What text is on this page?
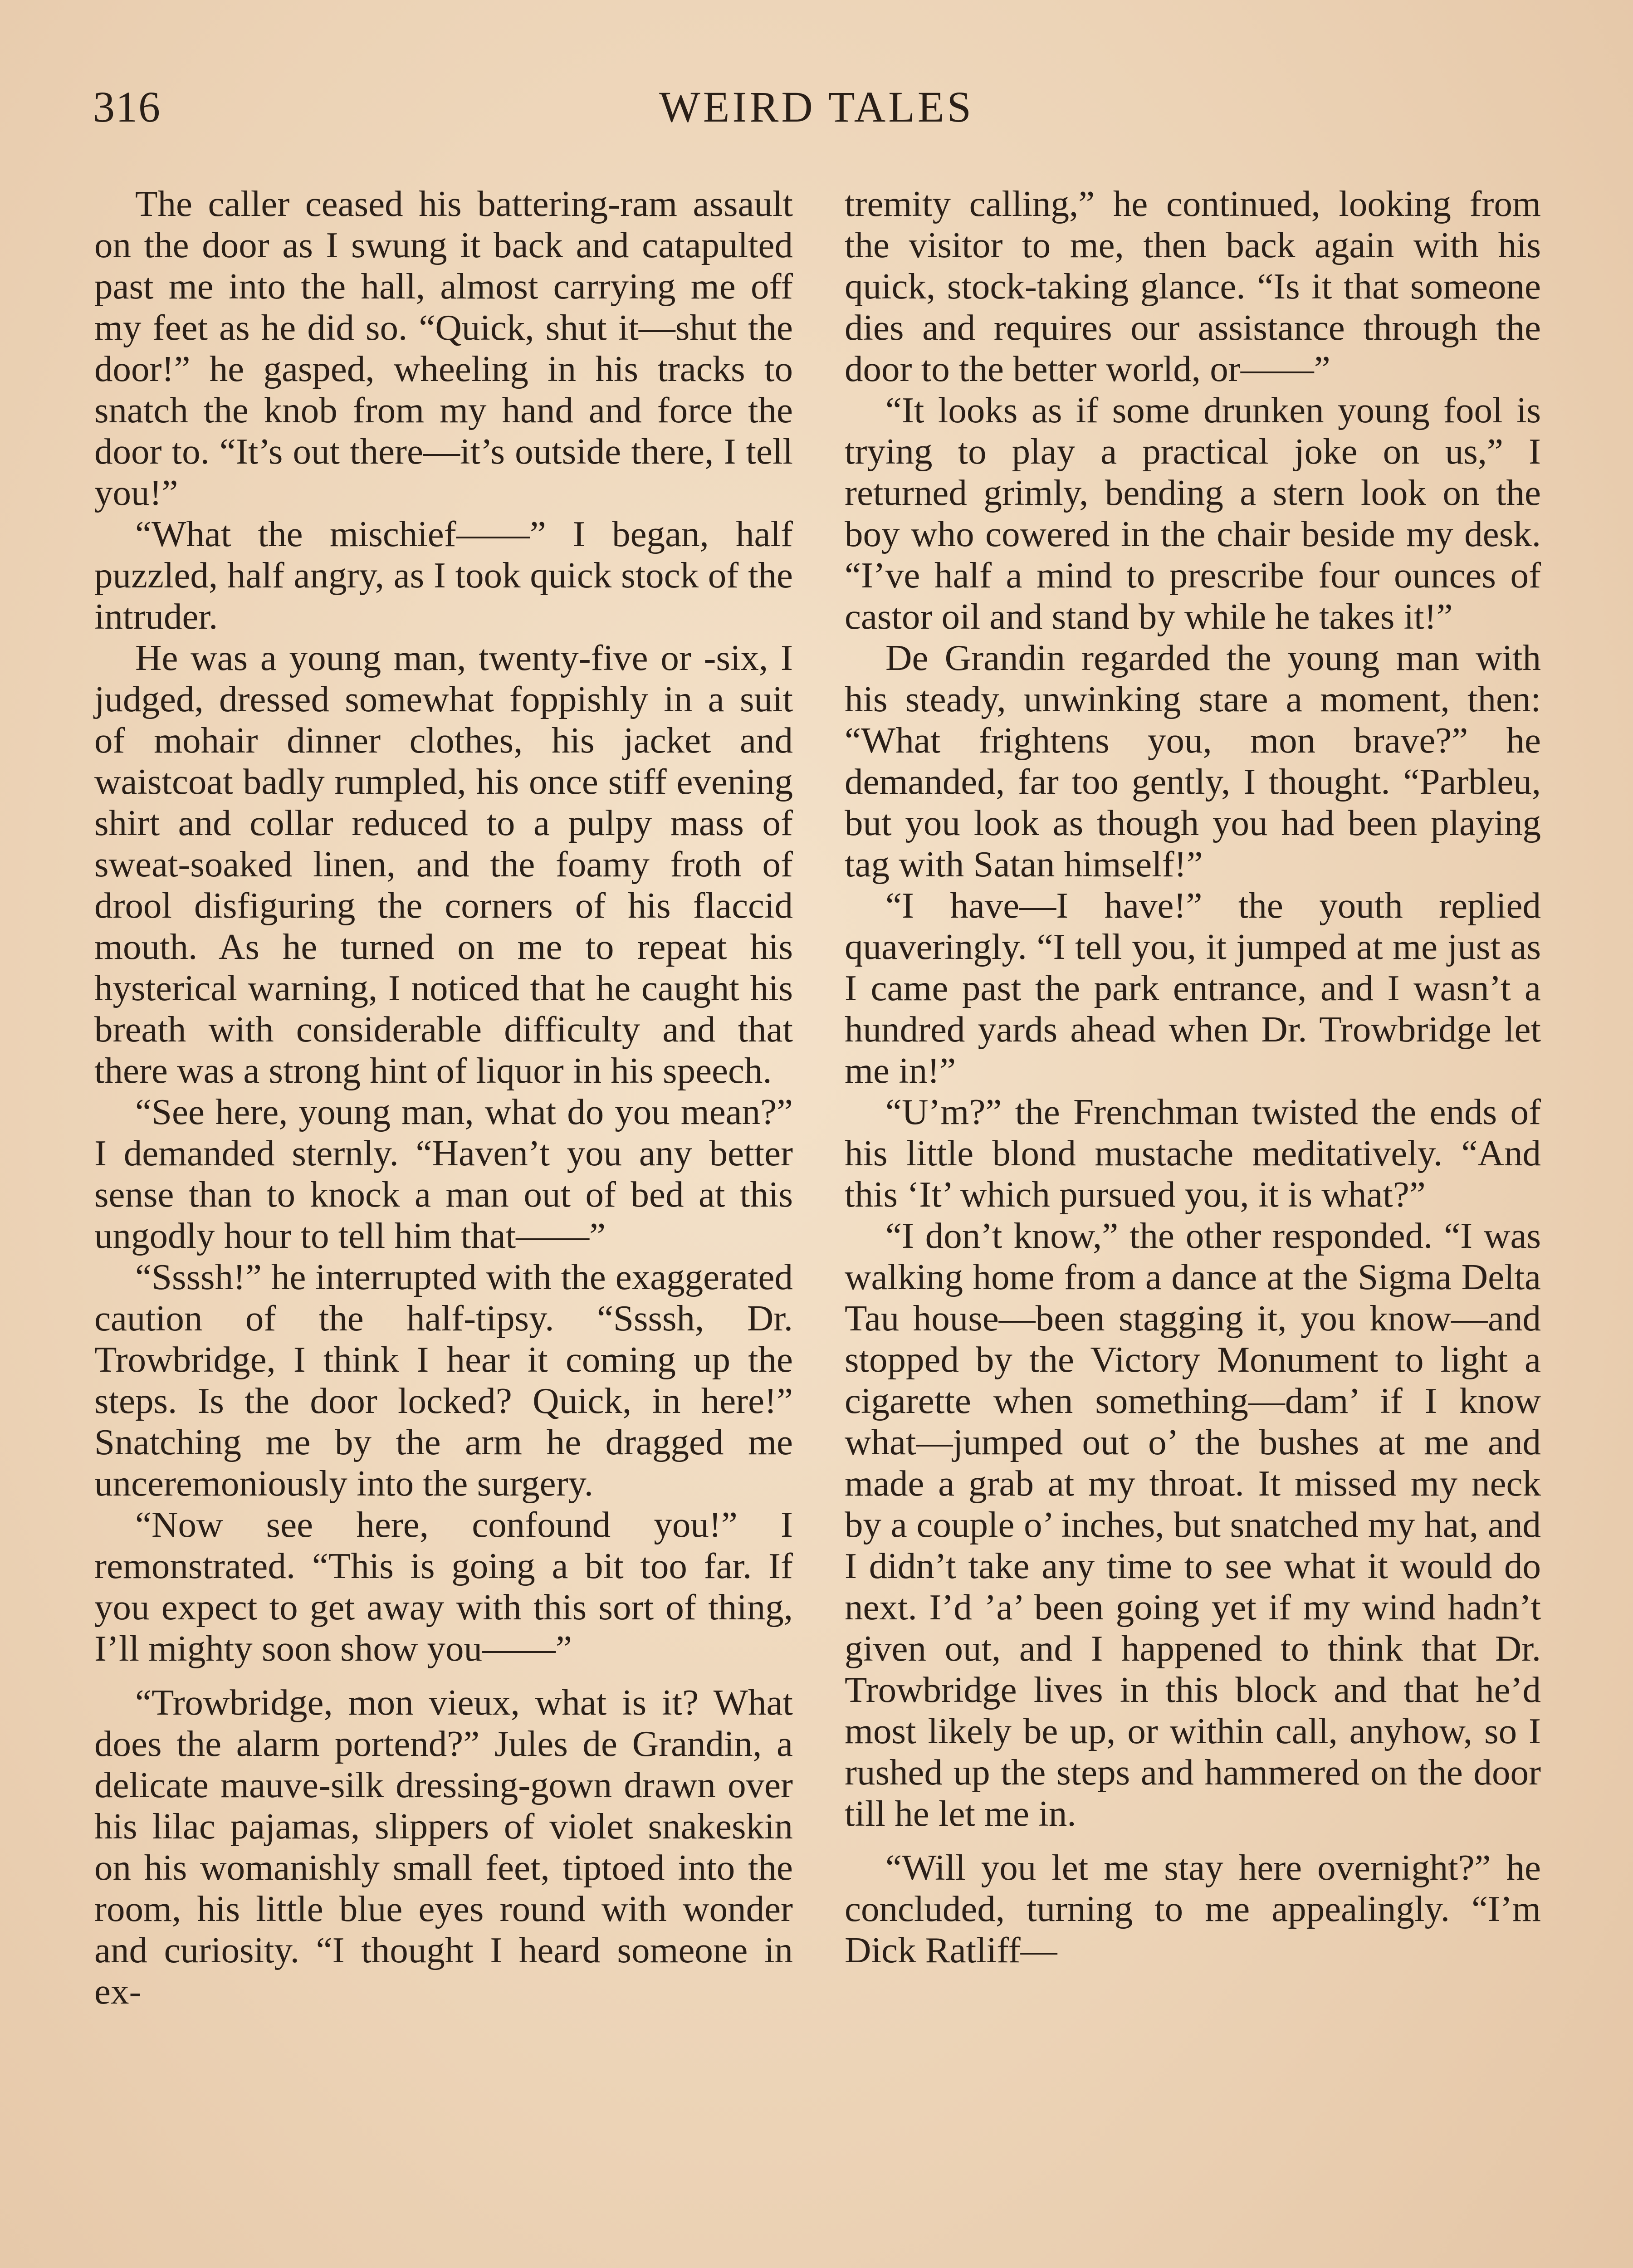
316	WEIRD TALES

The caller ceased his battering-ram assault on the door as I swung it back and catapulted past me into the hall, almost carrying me off my feet as he did so. “Quick, shut it—shut the door!” he gasped, wheeling in his tracks to snatch the knob from my hand and force the door to. “It’s out there—it’s outside there, I tell you!”

“What the mischief——” I began, half puzzled, half angry, as I took quick stock of the intruder.

He was a young man, twenty-five or -six, I judged, dressed somewhat foppishly in a suit of mohair dinner clothes, his jacket and waistcoat badly rumpled, his once stiff evening shirt and collar reduced to a pulpy mass of sweat-soaked linen, and the foamy froth of drool disfiguring the corners of his flaccid mouth. As he turned on me to repeat his hysterical warning, I noticed that he caught his breath with considerable difficulty and that there was a strong hint of liquor in his speech.

“See here, young man, what do you mean?” I demanded sternly. “Haven’t you any better sense than to knock a man out of bed at this ungodly hour to tell him that——”

“Ssssh!” he interrupted with the exaggerated caution of the half-tipsy. “Ssssh, Dr. Trowbridge, I think I hear it coming up the steps. Is the door locked? Quick, in here!” Snatching me by the arm he dragged me unceremoniously into the surgery.

“Now see here, confound you!” I remonstrated. “This is going a bit too far. If you expect to get away with this sort of thing, I’ll mighty soon show you——”

“Trowbridge, mon vieux, what is it? What does the alarm portend?” Jules de Grandin, a delicate mauve-silk dressing-gown drawn over his lilac pajamas, slippers of violet snakeskin on his womanishly small feet, tiptoed into the room, his little blue eyes round with wonder and curiosity. “I thought I heard someone in ex-

tremity calling,” he continued, looking from the visitor to me, then back again with his quick, stock-taking glance. “Is it that someone dies and requires our assistance through the door to the better world, or——”

“It looks as if some drunken young fool is trying to play a practical joke on us,” I returned grimly, bending a stern look on the boy who cowered in the chair beside my desk. “I’ve half a mind to prescribe four ounces of castor oil and stand by while he takes it!”

De Grandin regarded the young man with his steady, unwinking stare a moment, then: “What frightens you, mon brave?” he demanded, far too gently, I thought. “Parbleu, but you look as though you had been playing tag with Satan himself!”

“I have—I have!” the youth replied quaveringly. “I tell you, it jumped at me just as I came past the park entrance, and I wasn’t a hundred yards ahead when Dr. Trowbridge let me in!”

“U’m?” the Frenchman twisted the ends of his little blond mustache meditatively. “And this ‘It’ which pursued you, it is what?”

“I don’t know,” the other responded. “I was walking home from a dance at the Sigma Delta Tau house—been stagging it, you know—and stopped by the Victory Monument to light a cigarette when something—dam’ if I know what—jumped out o’ the bushes at me and made a grab at my throat. It missed my neck by a couple o’ inches, but snatched my hat, and I didn’t take any time to see what it would do next. I’d ’a’ been going yet if my wind hadn’t given out, and I happened to think that Dr. Trowbridge lives in this block and that he’d most likely be up, or within call, anyhow, so I rushed up the steps and hammered on the door till he let me in.

“Will you let me stay here overnight?” he concluded, turning to me appealingly. “I’m Dick Ratliff—
